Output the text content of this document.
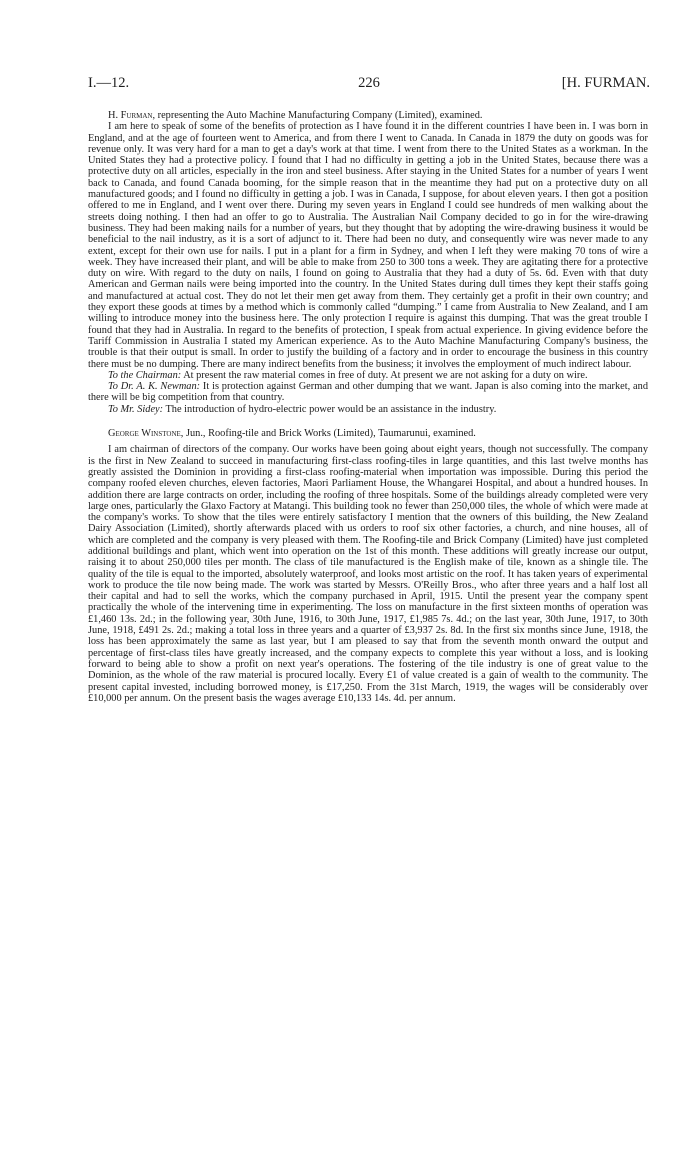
I.—12.	226	[H. FURMAN.

H. Furman, representing the Auto Machine Manufacturing Company (Limited), examined.

I am here to speak of some of the benefits of protection as I have found it in the different countries I have been in. I was born in England, and at the age of fourteen went to America, and from there I went to Canada. In Canada in 1879 the duty on goods was for revenue only. It was very hard for a man to get a day's work at that time. I went from there to the United States as a workman. In the United States they had a protective policy. I found that I had no difficulty in getting a job in the United States, because there was a protective duty on all articles, especially in the iron and steel business. After staying in the United States for a number of years I went back to Canada, and found Canada booming, for the simple reason that in the meantime they had put on a protective duty on all manufactured goods; and I found no difficulty in getting a job. I was in Canada, I suppose, for about eleven years. I then got a position offered to me in England, and I went over there. During my seven years in England I could see hundreds of men walking about the streets doing nothing. I then had an offer to go to Australia. The Australian Nail Company decided to go in for the wire-drawing business. They had been making nails for a number of years, but they thought that by adopting the wire-drawing business it would be beneficial to the nail industry, as it is a sort of adjunct to it. There had been no duty, and consequently wire was never made to any extent, except for their own use for nails. I put in a plant for a firm in Sydney, and when I left they were making 70 tons of wire a week. They have increased their plant, and will be able to make from 250 to 300 tons a week. They are agitating there for a protective duty on wire. With regard to the duty on nails, I found on going to Australia that they had a duty of 5s. 6d. Even with that duty American and German nails were being imported into the country. In the United States during dull times they kept their staffs going and manufactured at actual cost. They do not let their men get away from them. They certainly get a profit in their own country; and they export these goods at times by a method which is commonly called “dumping.” I came from Australia to New Zealand, and I am willing to introduce money into the business here. The only protection I require is against this dumping. That was the great trouble I found that they had in Australia. In regard to the benefits of protection, I speak from actual experience. In giving evidence before the Tariff Commission in Australia I stated my American experience. As to the Auto Machine Manufacturing Company's business, the trouble is that their output is small. In order to justify the building of a factory and in order to encourage the business in this country there must be no dumping. There are many indirect benefits from the business; it involves the employment of much indirect labour.

To the Chairman: At present the raw material comes in free of duty. At present we are not asking for a duty on wire.

To Dr. A. K. Newman: It is protection against German and other dumping that we want. Japan is also coming into the market, and there will be big competition from that country.

To Mr. Sidey: The introduction of hydro-electric power would be an assistance in the industry.

George Winstone, Jun., Roofing-tile and Brick Works (Limited), Taumarunui, examined.

I am chairman of directors of the company. Our works have been going about eight years, though not successfully. The company is the first in New Zealand to succeed in manufacturing first-class roofing-tiles in large quantities, and this last twelve months has greatly assisted the Dominion in providing a first-class roofing-material when importation was impossible. During this period the company roofed eleven churches, eleven factories, Maori Parliament House, the Whangarei Hospital, and about a hundred houses. In addition there are large contracts on order, including the roofing of three hospitals. Some of the buildings already completed were very large ones, particularly the Glaxo Factory at Matangi. This building took no fewer than 250,000 tiles, the whole of which were made at the company's works. To show that the tiles were entirely satisfactory I mention that the owners of this building, the New Zealand Dairy Association (Limited), shortly afterwards placed with us orders to roof six other factories, a church, and nine houses, all of which are completed and the company is very pleased with them. The Roofing-tile and Brick Company (Limited) have just completed additional buildings and plant, which went into operation on the 1st of this month. These additions will greatly increase our output, raising it to about 250,000 tiles per month. The class of tile manufactured is the English make of tile, known as a shingle tile. The quality of the tile is equal to the imported, absolutely waterproof, and looks most artistic on the roof. It has taken years of experimental work to produce the tile now being made. The work was started by Messrs. O'Reilly Bros., who after three years and a half lost all their capital and had to sell the works, which the company purchased in April, 1915. Until the present year the company spent practically the whole of the intervening time in experimenting. The loss on manufacture in the first sixteen months of operation was £1,460 13s. 2d.; in the following year, 30th June, 1916, to 30th June, 1917, £1,985 7s. 4d.; on the last year, 30th June, 1917, to 30th June, 1918, £491 2s. 2d.; making a total loss in three years and a quarter of £3,937 2s. 8d. In the first six months since June, 1918, the loss has been approximately the same as last year, but I am pleased to say that from the seventh month onward the output and percentage of first-class tiles have greatly increased, and the company expects to complete this year without a loss, and is looking forward to being able to show a profit on next year's operations. The fostering of the tile industry is one of great value to the Dominion, as the whole of the raw material is procured locally. Every £1 of value created is a gain of wealth to the community. The present capital invested, including borrowed money, is £17,250. From the 31st March, 1919, the wages will be considerably over £10,000 per annum. On the present basis the wages average £10,133 14s. 4d. per annum.
